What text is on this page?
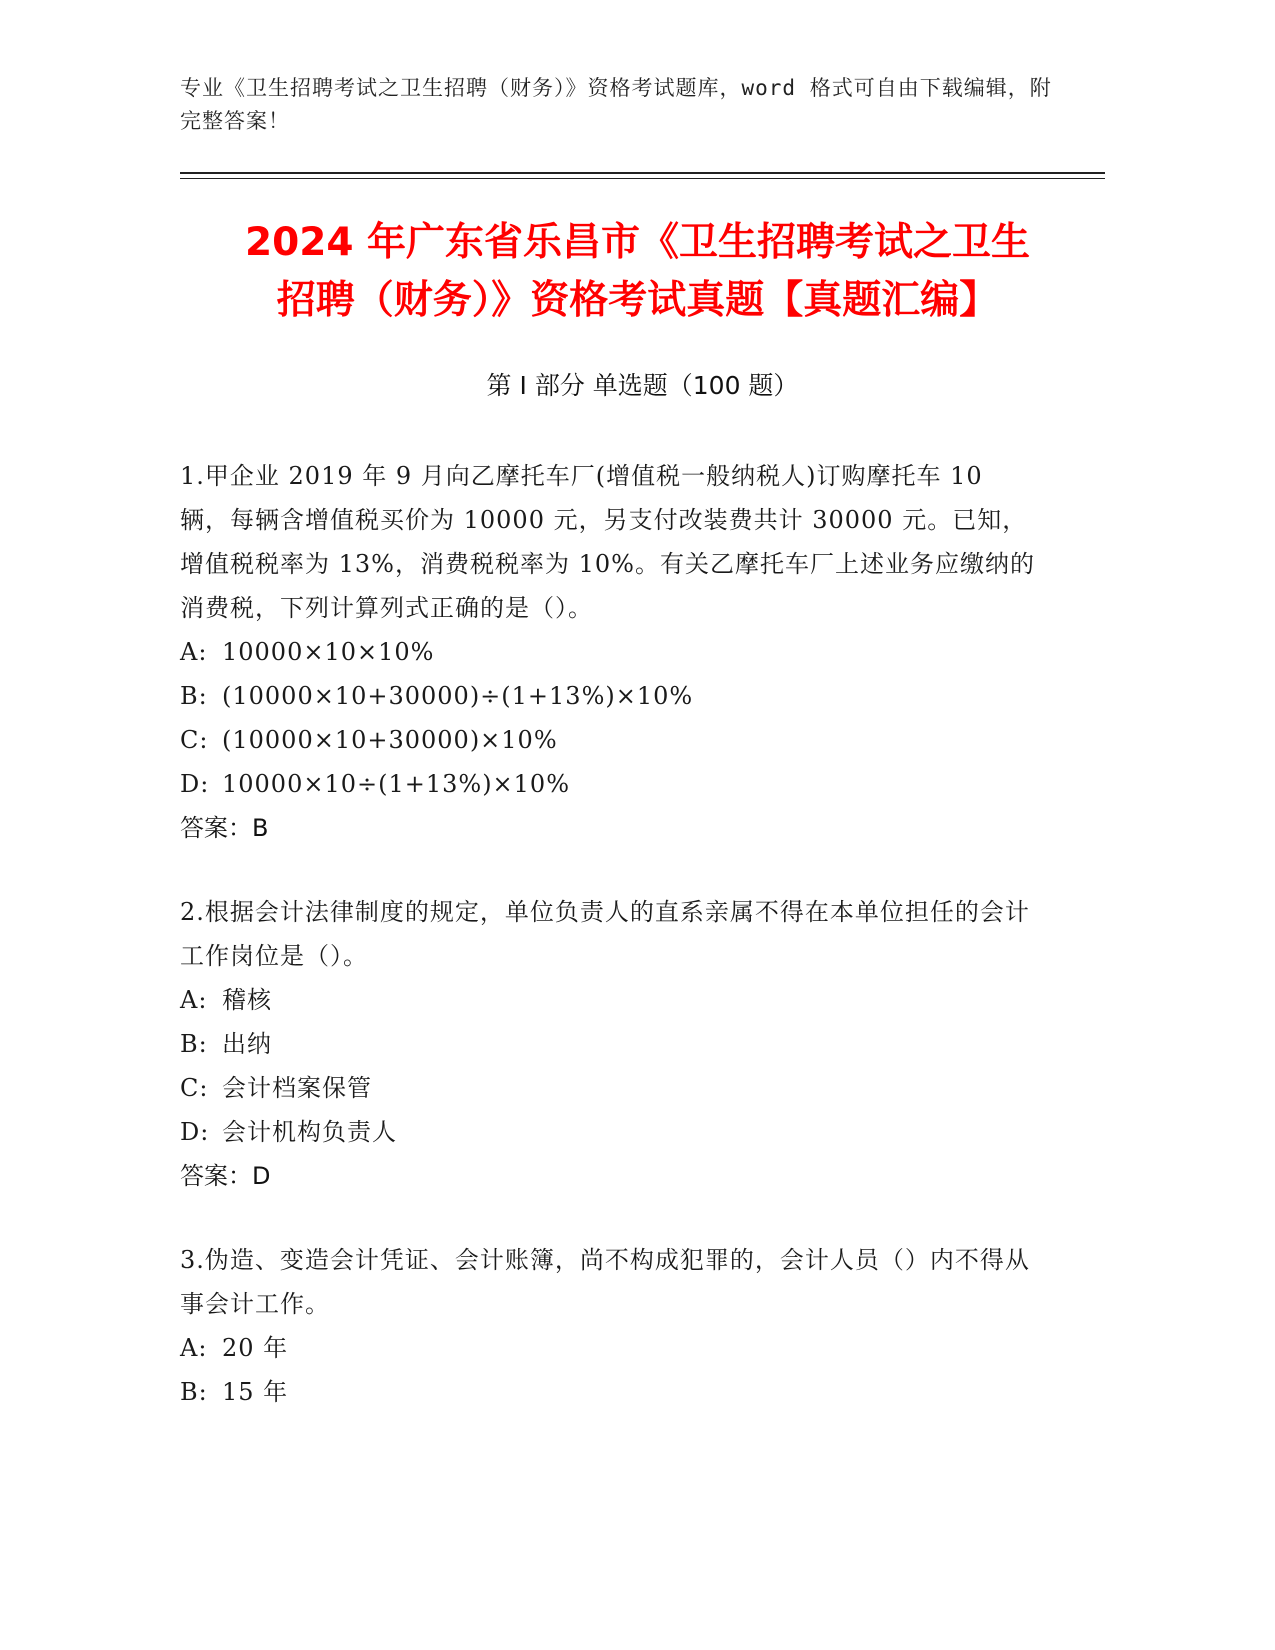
专业《卫生招聘考试之卫生招聘（财务）》资格考试题库，word 格式可自由下载编辑，附完整答案！
2024 年广东省乐昌市《卫生招聘考试之卫生
招聘（财务）》资格考试真题【真题汇编】
第 I 部分 单选题（100 题）

1.甲企业 2019 年 9 月向乙摩托车厂(增值税一般纳税人)订购摩托车 10 辆，每辆含增值税买价为 10000 元，另支付改装费共计 30000 元。已知，增值税税率为 13%，消费税税率为 10%。有关乙摩托车厂上述业务应缴纳的消费税，下列计算列式正确的是（）。

A: 10000×10×10%
B: (10000×10+30000)÷(1+13%)×10%
C: (10000×10+30000)×10%
D: 10000×10÷(1+13%)×10%
答案：B

2.根据会计法律制度的规定，单位负责人的直系亲属不得在本单位担任的会计工作岗位是（）。

A: 稽核
B: 出纳
C: 会计档案保管
D: 会计机构负责人
答案：D

3.伪造、变造会计凭证、会计账簿，尚不构成犯罪的，会计人员（）内不得从事会计工作。

A: 20 年
B: 15 年
